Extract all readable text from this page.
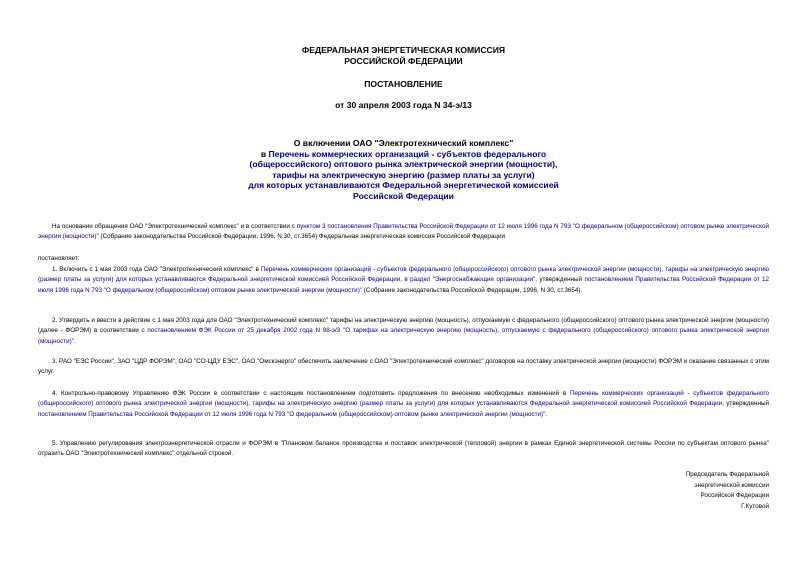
ФЕДЕРАЛЬНАЯ ЭНЕРГЕТИЧЕСКАЯ КОМИССИЯ
РОССИЙСКОЙ ФЕДЕРАЦИИ
ПОСТАНОВЛЕНИЕ
от 30 апреля 2003 года N 34-э/13
О включении ОАО "Электротехнический комплекс"
в Перечень коммерческих организаций - субъектов федерального
(общероссийского) оптового рынка электрической энергии (мощности),
тарифы на электрическую энергию (размер платы за услуги)
для которых устанавливаются Федеральной энергетической комиссией
Российской Федерации
На основании обращения ОАО "Электротехнический комплекс" и в соответствии с пунктом 3 постановления Правительства Российской Федерации от 12 июля 1996 года N 793 "О федеральном (общероссийском) оптовом рынке электрической энергии (мощности)" (Собрание законодательства Российской Федерации, 1996, N 30, ст.3654) Федеральная энергетическая комиссия Российской Федерации
постановляет:
1. Включить с 1 мая 2003 года ОАО "Электротехнический комплекс" в Перечень коммерческих организаций - субъектов федерального (общероссийского) оптового рынка электрической энергии (мощности), тарифы на электрическую энергию (размер платы за услуги) для которых устанавливаются Федеральной энергетической комиссией Российской Федерации, в раздел "Энергоснабжающие организации", утвержденный постановлением Правительства Российской Федерации от 12 июля 1996 года N 793 "О федеральном (общероссийском) оптовом рынке электрической энергии (мощности)" (Собрание законодательства Российской Федерации, 1996, N 30, ст.3654).
2. Утвердить и ввести в действие с 1 мая 2003 года для ОАО "Электротехнический комплекс" тарифы на электрическую энергию (мощность), отпускаемую с федерального (общероссийского) оптового рынка электрической энергии (мощности) (далее - ФОРЭМ) в соответствии с постановлением ФЭК России от 25 декабря 2002 года N 98-э/3 "О тарифах на электрическую энергию (мощность), отпускаемую с федерального (общероссийского) оптового рынка электрической энергии (мощности)".
3. РАО "ЕЭС России", ЗАО "ЦДР ФОРЭМ", ОАО "СО-ЦДУ ЕЭС", ОАО "Омскэнерго" обеспечить заключение с ОАО "Электротехнический комплекс" договоров на поставку электрической энергии (мощности) ФОРЭМ и оказание связанных с этим услуг.
4. Контрольно-правовому Управлению ФЭК России в соответствии с настоящим постановлением подготовить предложения по внесению необходимых изменений в Перечень коммерческих организаций - субъектов федерального (общероссийского) оптового рынка электрической энергии (мощности), тарифы на электрическую энергию (размер платы за услуги) для которых устанавливаются Федеральной энергетической комиссией Российской Федерации, утвержденный постановлением Правительства Российской Федерации от 12 июля 1996 года N 793 "О федеральном (общероссийском) оптовом рынке электрической энергии (мощности)".
5. Управлению регулирования электроэнергетической отрасли и ФОРЭМ в "Плановом балансе производства и поставок электрической (тепловой) энергии в рамках Единой энергетической системы России по субъектам оптового рынка" отразить ОАО "Электротехнический комплекс" отдельной строкой.
Председатель Федеральной
энергетической комиссии
Российской Федерации
Г.Кутовой
